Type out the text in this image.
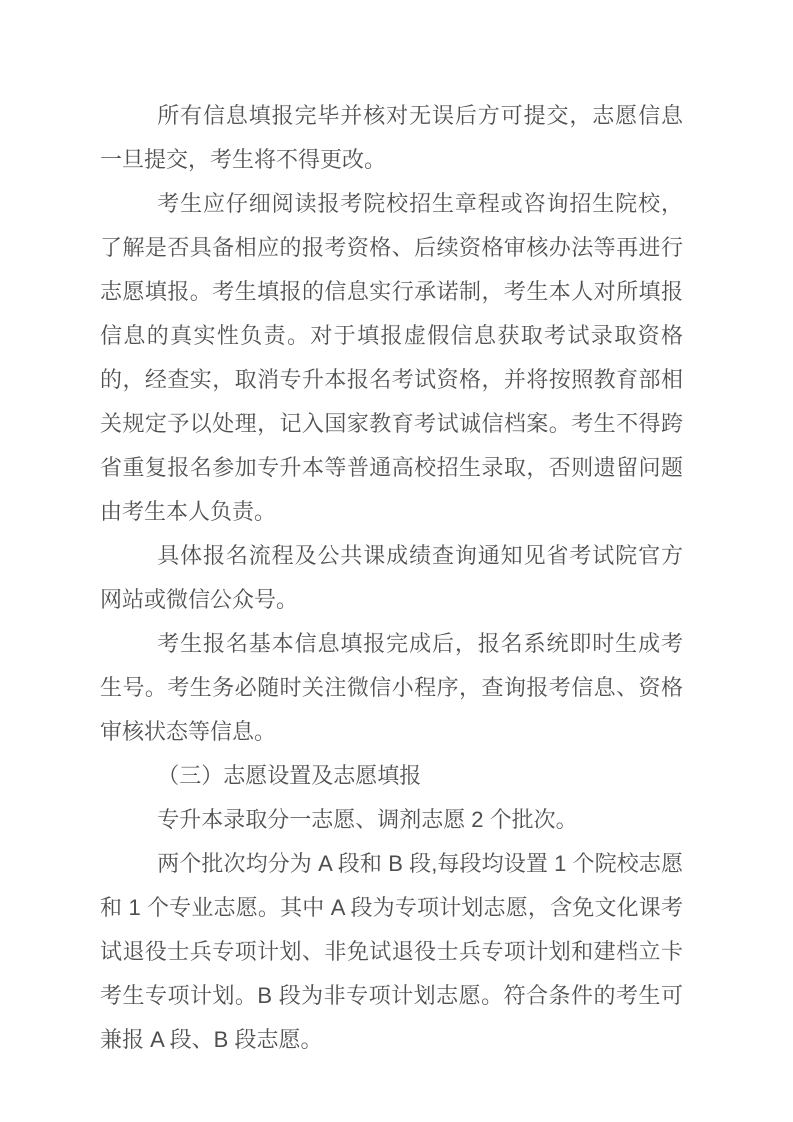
所有信息填报完毕并核对无误后方可提交，志愿信息一旦提交，考生将不得更改。

考生应仔细阅读报考院校招生章程或咨询招生院校，了解是否具备相应的报考资格、后续资格审核办法等再进行志愿填报。考生填报的信息实行承诺制，考生本人对所填报信息的真实性负责。对于填报虚假信息获取考试录取资格的，经查实，取消专升本报名考试资格，并将按照教育部相关规定予以处理，记入国家教育考试诚信档案。考生不得跨省重复报名参加专升本等普通高校招生录取，否则遗留问题由考生本人负责。

具体报名流程及公共课成绩查询通知见省考试院官方网站或微信公众号。

考生报名基本信息填报完成后，报名系统即时生成考生号。考生务必随时关注微信小程序，查询报考信息、资格审核状态等信息。

（三）志愿设置及志愿填报

专升本录取分一志愿、调剂志愿 2 个批次。

两个批次均分为 A 段和 B 段,每段均设置 1 个院校志愿和 1 个专业志愿。其中 A 段为专项计划志愿，含免文化课考试退役士兵专项计划、非免试退役士兵专项计划和建档立卡考生专项计划。B 段为非专项计划志愿。符合条件的考生可兼报 A 段、B 段志愿。
